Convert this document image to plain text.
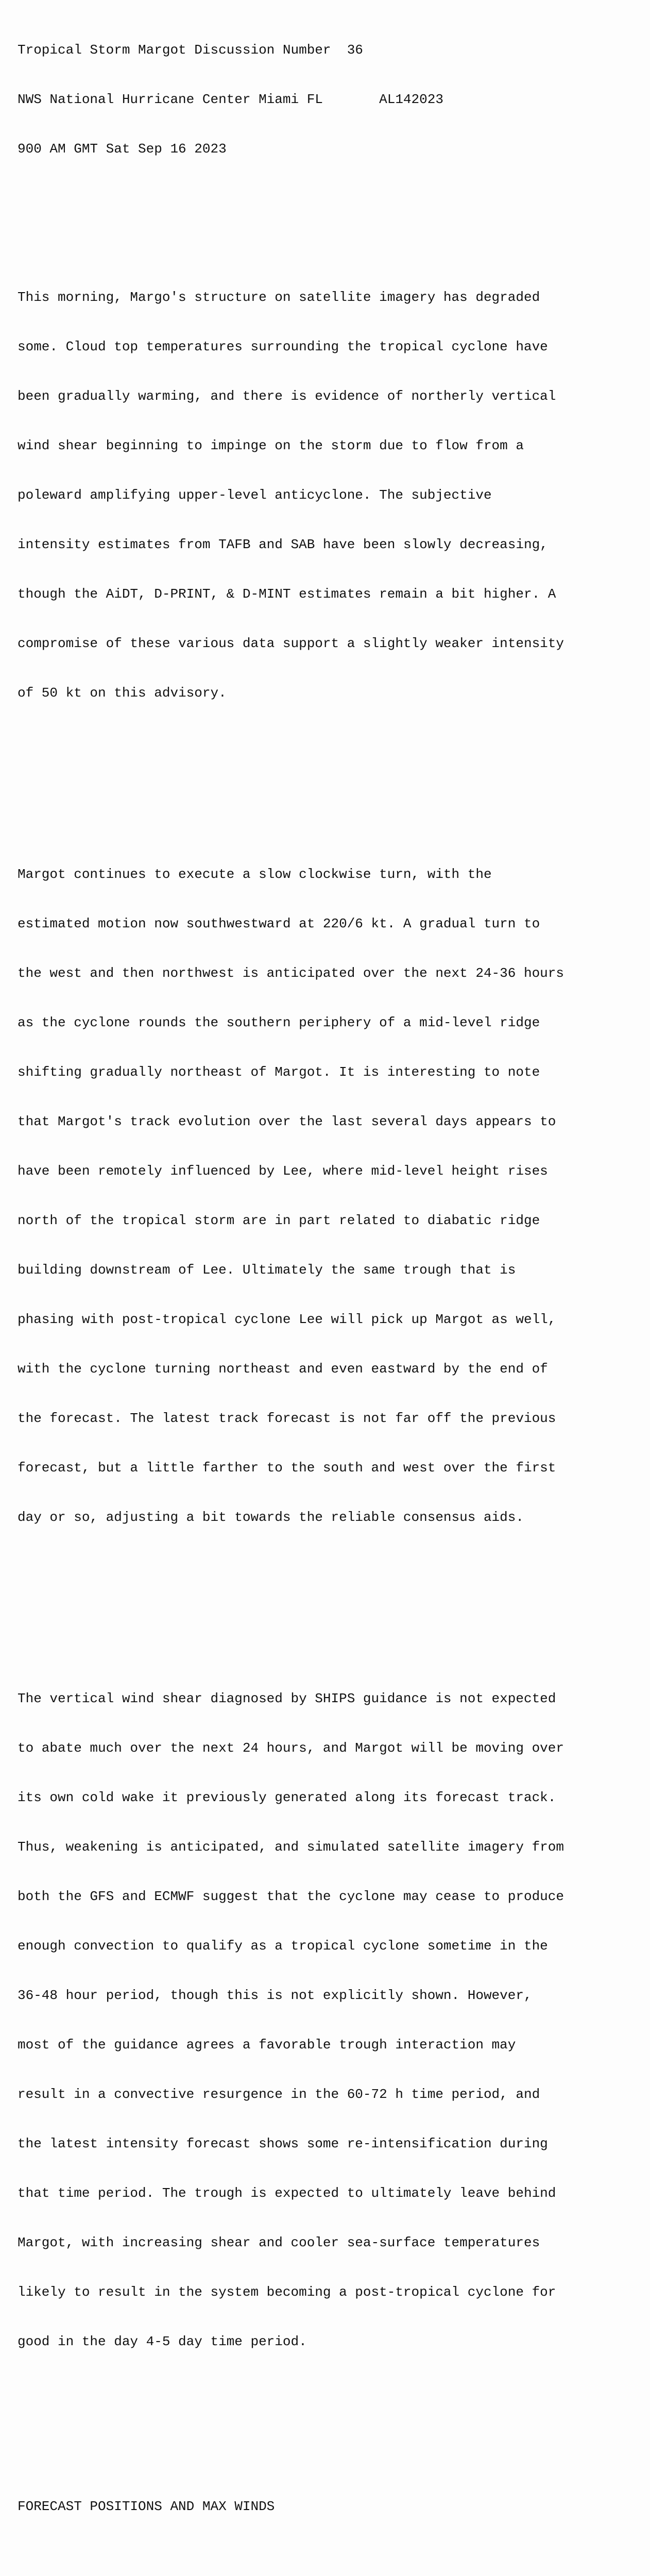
Tropical Storm Margot Discussion Number  36

NWS National Hurricane Center Miami FL       AL142023

900 AM GMT Sat Sep 16 2023

This morning, Margo's structure on satellite imagery has degraded

some. Cloud top temperatures surrounding the tropical cyclone have

been gradually warming, and there is evidence of northerly vertical

wind shear beginning to impinge on the storm due to flow from a

poleward amplifying upper-level anticyclone. The subjective

intensity estimates from TAFB and SAB have been slowly decreasing,

though the AiDT, D-PRINT, & D-MINT estimates remain a bit higher. A

compromise of these various data support a slightly weaker intensity

of 50 kt on this advisory.

Margot continues to execute a slow clockwise turn, with the

estimated motion now southwestward at 220/6 kt. A gradual turn to

the west and then northwest is anticipated over the next 24-36 hours

as the cyclone rounds the southern periphery of a mid-level ridge

shifting gradually northeast of Margot. It is interesting to note

that Margot's track evolution over the last several days appears to

have been remotely influenced by Lee, where mid-level height rises

north of the tropical storm are in part related to diabatic ridge

building downstream of Lee. Ultimately the same trough that is

phasing with post-tropical cyclone Lee will pick up Margot as well,

with the cyclone turning northeast and even eastward by the end of

the forecast. The latest track forecast is not far off the previous

forecast, but a little farther to the south and west over the first

day or so, adjusting a bit towards the reliable consensus aids.

The vertical wind shear diagnosed by SHIPS guidance is not expected

to abate much over the next 24 hours, and Margot will be moving over

its own cold wake it previously generated along its forecast track.

Thus, weakening is anticipated, and simulated satellite imagery from

both the GFS and ECMWF suggest that the cyclone may cease to produce

enough convection to qualify as a tropical cyclone sometime in the

36-48 hour period, though this is not explicitly shown. However,

most of the guidance agrees a favorable trough interaction may

result in a convective resurgence in the 60-72 h time period, and

the latest intensity forecast shows some re-intensification during

that time period. The trough is expected to ultimately leave behind

Margot, with increasing shear and cooler sea-surface temperatures

likely to result in the system becoming a post-tropical cyclone for

good in the day 4-5 day time period.

FORECAST POSITIONS AND MAX WINDS
